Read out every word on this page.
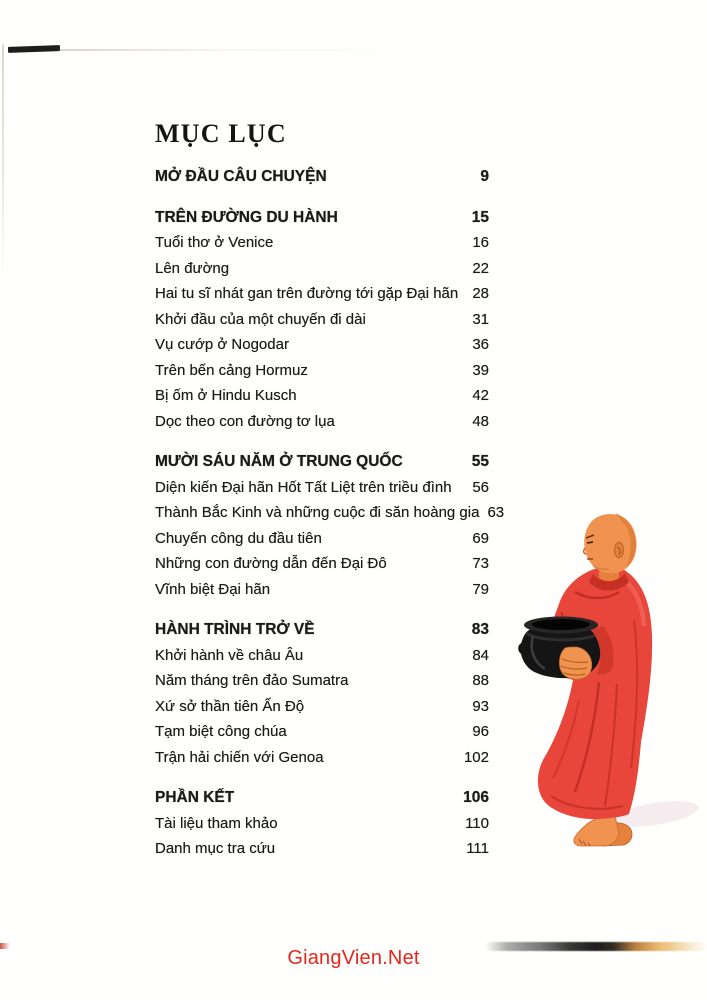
MỤC LỤC
MỞ ĐẦU CÂU CHUYỆN	9
TRÊN ĐƯỜNG DU HÀNH	15
Tuổi thơ ở Venice	16
Lên đường	22
Hai tu sĩ nhát gan trên đường tới gặp Đại hãn 28
Khởi đầu của một chuyến đi dài	31
Vụ cướp ở Nogodar	36
Trên bến cảng Hormuz	39
Bị ốm ở Hindu Kusch	42
Dọc theo con đường tơ lụa	48
MƯỜI SÁU NĂM Ở TRUNG QUỐC	55
Diện kiến Đại hãn Hốt Tất Liệt trên triều đình	56
Thành Bắc Kinh và những cuộc đi săn hoàng gia 63
Chuyến công du đầu tiên	69
Những con đường dẫn đến Đại Đô	73
Vĩnh biệt Đại hãn	79
HÀNH TRÌNH TRỞ VỀ	83
Khởi hành về châu Âu	84
Năm tháng trên đảo Sumatra	88
Xứ sở thần tiên Ấn Độ	93
Tạm biệt công chúa	96
Trận hải chiến với Genoa	102
PHẦN KẾT	106
Tài liệu tham khảo	110
Danh mục tra cứu	111
GiangVien.Net
